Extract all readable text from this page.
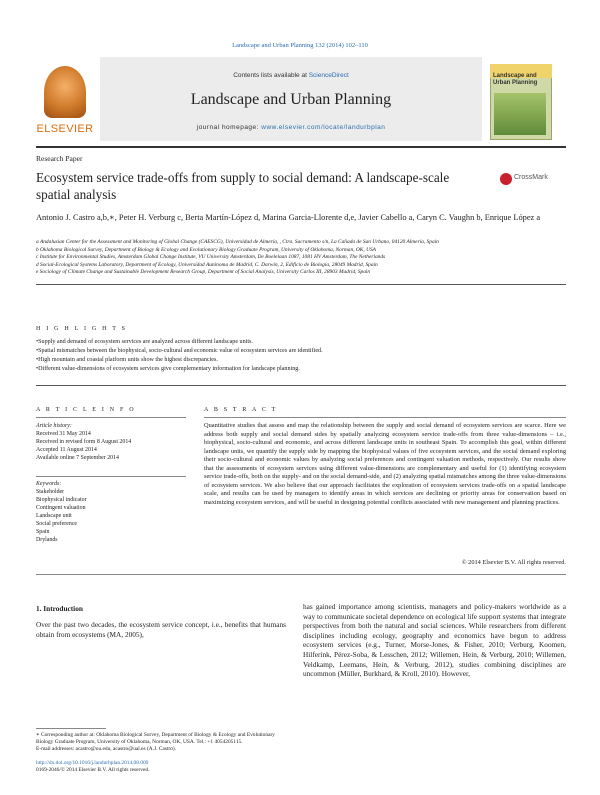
Landscape and Urban Planning 132 (2014) 102–110
ELSEVIER
Contents lists available at ScienceDirect
Landscape and Urban Planning
journal homepage: www.elsevier.com/locate/landurbplan
Landscape and Urban Planning
Research Paper
Ecosystem service trade-offs from supply to social demand: A landscape-scale spatial analysis
CrossMark
Antonio J. Castro a,b,∗, Peter H. Verburg c, Berta Martín-López d, Marina Garcia-Llorente d,e, Javier Cabello a, Caryn C. Vaughn b, Enrique López a
a Andalusian Center for the Assessment and Monitoring of Global Change (CAESCG), Universidad de Almería, , Ctra. Sacramento s/n, La Cañada de San Urbano, 04120 Almería, Spain
b Oklahoma Biological Survey, Department of Biology & Ecology and Evolutionary Biology Graduate Program, University of Oklahoma, Norman, OK, USA
c Institute for Environmental Studies, Amsterdam Global Change Institute, VU University Amsterdam, De Boelelaan 1087, 1081 HV Amsterdam, The Netherlands
d Social-Ecological Systems Laboratory, Department of Ecology, Universidad Autónoma de Madrid, C. Darwin, 2, Edificio de Biología, 28049 Madrid, Spain
e Sociology of Climate Change and Sustainable Development Research Group, Department of Social Analysis, University Carlos III, 28903 Madrid, Spain
H I G H L I G H T S
• Supply and demand of ecosystem services are analyzed across different landscape units.
• Spatial mismatches between the biophysical, socio-cultural and economic value of ecosystem services are identified.
• High mountain and coastal platform units show the highest discrepancies.
• Different value-dimensions of ecosystem services give complementary information for landscape planning.
A R T I C L E I N F O	A B S T R A C T
Article history:
Received 31 May 2014
Received in revised form 8 August 2014
Accepted 11 August 2014
Available online 7 September 2014
Keywords:
Stakeholder
Biophysical indicator
Contingent valuation
Landscape unit
Social preference
Spain
Drylands
Quantitative studies that assess and map the relationship between the supply and social demand of ecosystem services are scarce. Here we address both supply and social demand sides by spatially analyzing ecosystem service trade-offs from three value-dimensions – i.e., biophysical, socio-cultural and economic, and across different landscape units in southeast Spain. To accomplish this goal, within different landscape units, we quantify the supply side by mapping the biophysical values of five ecosystem services, and the social demand exploring their socio-cultural and economic values by analyzing social preferences and contingent valuation methods, respectively. Our results show that the assessments of ecosystem services using different value-dimensions are complementary and useful for (1) identifying ecosystem service trade-offs, both on the supply- and on the social demand-side, and (2) analyzing spatial mismatches among the three value-dimensions of ecosystem services. We also believe that our approach facilitates the exploration of ecosystem services trade-offs on a spatial landscape scale, and results can be used by managers to identify areas in which services are declining or priority areas for conservation based on maximizing ecosystem services, and will be useful in designing potential conflicts associated with new management and planning practices.
© 2014 Elsevier B.V. All rights reserved.
1. Introduction
Over the past two decades, the ecosystem service concept, i.e., benefits that humans obtain from ecosystems (MA, 2005),
has gained importance among scientists, managers and policy-makers worldwide as a way to communicate societal dependence on ecological life support systems that integrate perspectives from both the natural and social sciences. While researchers from different disciplines including ecology, geography and economics have begun to address ecosystem services (e.g., Turner, Morse-Jones, & Fisher, 2010; Verburg, Koomen, Hilferink, Pérez-Soba, & Lesschen, 2012; Willemen, Hein, & Verburg, 2010; Willemen, Veldkamp, Leemans, Hein, & Verburg, 2012), studies combining disciplines are uncommon (Müller, Burkhard, & Kroll, 2010). However,
∗ Corresponding author at: Oklahoma Biological Survey, Department of Biology & Ecology and Evolutionary Biology Graduate Program, University of Oklahoma, Norman, OK, USA. Tel.: +1 4054205115.
E-mail addresses: acastro@ou.edu, acastro@ual.es (A.J. Castro).
http://dx.doi.org/10.1016/j.landurbplan.2014.08.009
0169-2046/© 2014 Elsevier B.V. All rights reserved.
